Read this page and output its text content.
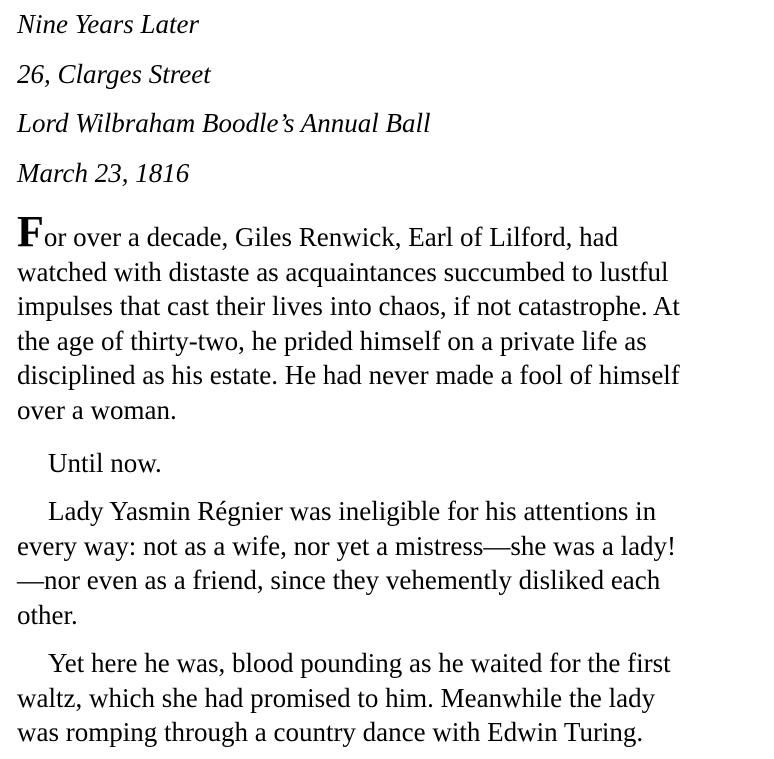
Nine Years Later

26, Clarges Street

Lord Wilbraham Boodle’s Annual Ball

March 23, 1816

For over a decade, Giles Renwick, Earl of Lilford, had
watched with distaste as acquaintances succumbed to lustful
impulses that cast their lives into chaos, if not catastrophe. At
the age of thirty-two, he prided himself on a private life as
disciplined as his estate. He had never made a fool of himself
over a woman.

Until now.

Lady Yasmin Régnier was ineligible for his attentions in
every way: not as a wife, nor yet a mistress—she was a lady!
—nor even as a friend, since they vehemently disliked each
other.

Yet here he was, blood pounding as he waited for the first
waltz, which she had promised to him. Meanwhile the lady
was romping through a country dance with Edwin Turing.
